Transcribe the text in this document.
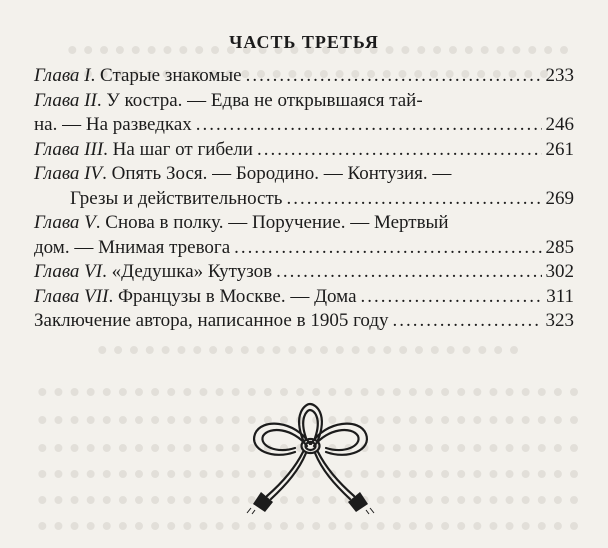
ЧАСТЬ ТРЕТЬЯ
Глава I. Старые знакомые .....	233
Глава II. У костра. — Едва не открывшаяся тай-
на. — На разведках .....	246
Глава III. На шаг от гибели .....	261
Глава IV. Опять Зося. — Бородино. — Контузия. —
Грезы и действительность .....	269
Глава V. Снова в полку. — Поручение. — Мертвый
дом. — Мнимая тревога .....	285
Глава VI. «Дедушка» Кутузов .....	302
Глава VII. Французы в Москве. — Дома .....	311
Заключение автора, написанное в 1905 году .....	323
